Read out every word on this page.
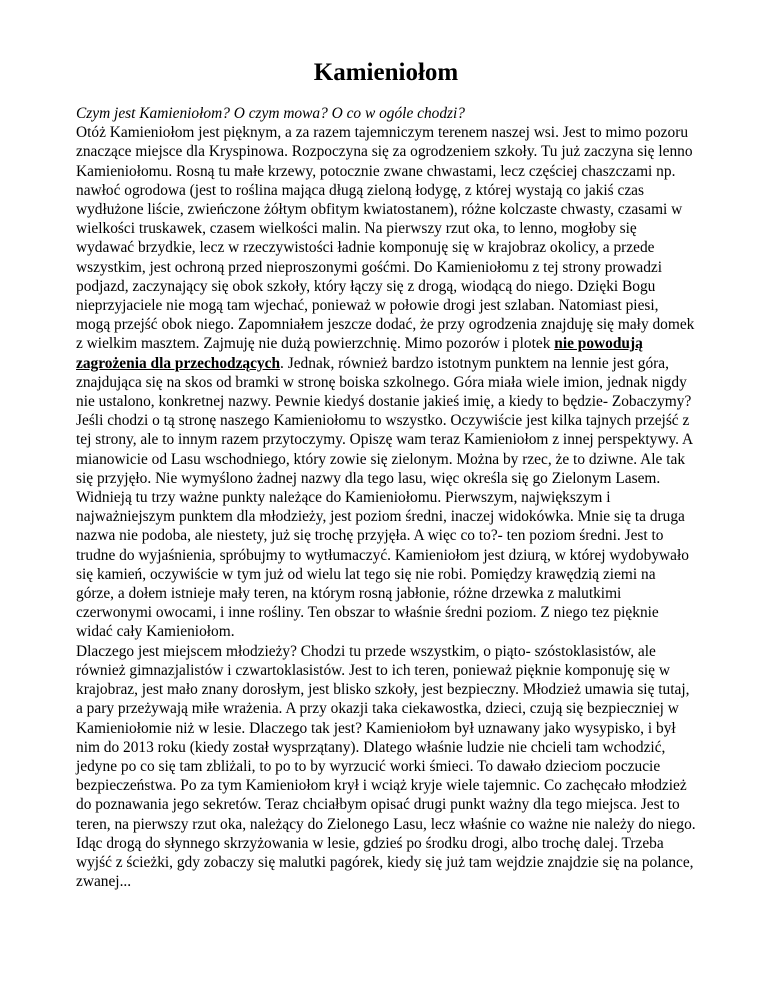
Kamieniołom

Czym jest Kamieniołom? O czym mowa? O co w ogóle chodzi?

Otóż Kamieniołom jest pięknym, a za razem tajemniczym terenem naszej wsi. Jest to mimo pozoru znaczące miejsce dla Kryspinowa. Rozpoczyna się za ogrodzeniem szkoły. Tu już zaczyna się lenno Kamieniołomu. Rosną tu małe krzewy, potocznie zwane chwastami, lecz częściej chaszczami np. nawłoć ogrodowa (jest to roślina mająca długą zieloną łodygę, z której wystają co jakiś czas wydłużone liście, zwieńczone żółtym obfitym kwiatostanem), różne kolczaste chwasty, czasami w wielkości truskawek, czasem wielkości malin. Na pierwszy rzut oka, to lenno, mogłoby się wydawać brzydkie, lecz w rzeczywistości ładnie komponuję się w krajobraz okolicy, a przede wszystkim, jest ochroną przed nieproszonymi gośćmi. Do Kamieniołomu z tej strony prowadzi podjazd, zaczynający się obok szkoły, który łączy się z drogą, wiodącą do niego. Dzięki Bogu nieprzyjaciele nie mogą tam wjechać, ponieważ w połowie drogi jest szlaban. Natomiast piesi, mogą przejść obok niego. Zapomniałem jeszcze dodać, że przy ogrodzenia znajduję się mały domek z wielkim masztem. Zajmuję nie dużą powierzchnię. Mimo pozorów i plotek nie powodują zagrożenia dla przechodzących. Jednak, również bardzo istotnym punktem na lennie jest góra, znajdująca się na skos od bramki w stronę boiska szkolnego. Góra miała wiele imion, jednak nigdy nie ustalono, konkretnej nazwy. Pewnie kiedyś dostanie jakieś imię, a kiedy to będzie- Zobaczymy? Jeśli chodzi o tą stronę naszego Kamieniołomu to wszystko. Oczywiście jest kilka tajnych przejść z tej strony, ale to innym razem przytoczymy. Opiszę wam teraz Kamieniołom z innej perspektywy. A mianowicie od Lasu wschodniego, który zowie się zielonym. Można by rzec, że to dziwne. Ale tak się przyjęło. Nie wymyślono żadnej nazwy dla tego lasu, więc określa się go Zielonym Lasem. Widnieją tu trzy ważne punkty należące do Kamieniołomu. Pierwszym, największym i najważniejszym punktem dla młodzieży, jest poziom średni, inaczej widokówka. Mnie się ta druga nazwa nie podoba, ale niestety, już się trochę przyjęła. A więc co to?- ten poziom średni. Jest to trudne do wyjaśnienia, spróbujmy to wytłumaczyć. Kamieniołom jest dziurą, w której wydobywało się kamień, oczywiście w tym już od wielu lat tego się nie robi. Pomiędzy krawędzią ziemi na górze, a dołem istnieje mały teren, na którym rosną jabłonie, różne drzewka z malutkimi czerwonymi owocami, i inne rośliny. Ten obszar to właśnie średni poziom. Z niego tez pięknie widać cały Kamieniołom.

Dlaczego jest miejscem młodzieży? Chodzi tu przede wszystkim, o piąto- szóstoklasistów, ale również gimnazjalistów i czwartoklasistów. Jest to ich teren, ponieważ pięknie komponuję się w krajobraz, jest mało znany dorosłym, jest blisko szkoły, jest bezpieczny. Młodzież umawia się tutaj, a pary przeżywają miłe wrażenia. A przy okazji taka ciekawostka, dzieci, czują się bezpieczniej w Kamieniołomie niż w lesie. Dlaczego tak jest? Kamieniołom był uznawany jako wysypisko, i był nim do 2013 roku (kiedy został wysprzątany). Dlatego właśnie ludzie nie chcieli tam wchodzić, jedyne po co się tam zbliżali, to po to by wyrzucić worki śmieci. To dawało dzieciom poczucie bezpieczeństwa. Po za tym Kamieniołom krył i wciąż kryje wiele tajemnic. Co zachęcało młodzież do poznawania jego sekretów. Teraz chciałbym opisać drugi punkt ważny dla tego miejsca. Jest to teren, na pierwszy rzut oka, należący do Zielonego Lasu, lecz właśnie co ważne nie należy do niego. Idąc drogą do słynnego skrzyżowania w lesie, gdzieś po środku drogi, albo trochę dalej. Trzeba wyjść z ścieżki, gdy zobaczy się malutki pagórek, kiedy się już tam wejdzie znajdzie się na polance, zwanej...
